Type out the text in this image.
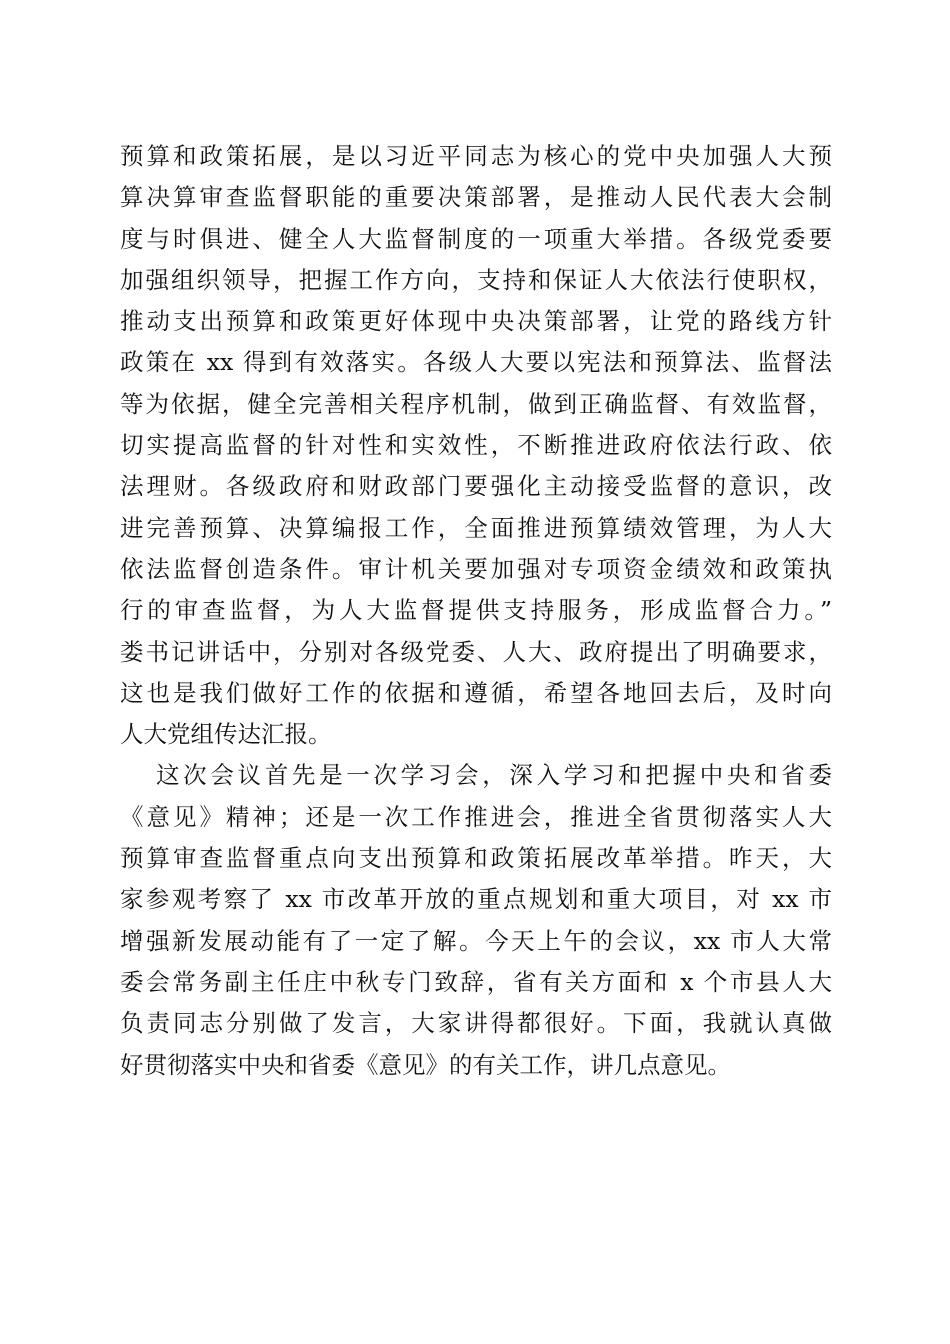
预算和政策拓展，是以习近平同志为核心的党中央加强人大预
算决算审查监督职能的重要决策部署，是推动人民代表大会制
度与时俱进、健全人大监督制度的一项重大举措。各级党委要
加强组织领导，把握工作方向，支持和保证人大依法行使职权，
推动支出预算和政策更好体现中央决策部署，让党的路线方针
政策在 xx 得到有效落实。各级人大要以宪法和预算法、监督法
等为依据，健全完善相关程序机制，做到正确监督、有效监督，
切实提高监督的针对性和实效性，不断推进政府依法行政、依
法理财。各级政府和财政部门要强化主动接受监督的意识，改
进完善预算、决算编报工作，全面推进预算绩效管理，为人大
依法监督创造条件。审计机关要加强对专项资金绩效和政策执
行的审查监督，为人大监督提供支持服务，形成监督合力。”
娄书记讲话中，分别对各级党委、人大、政府提出了明确要求，
这也是我们做好工作的依据和遵循，希望各地回去后，及时向
人大党组传达汇报。
这次会议首先是一次学习会，深入学习和把握中央和省委
《意见》精神；还是一次工作推进会，推进全省贯彻落实人大
预算审查监督重点向支出预算和政策拓展改革举措。昨天，大
家参观考察了 xx 市改革开放的重点规划和重大项目，对 xx 市
增强新发展动能有了一定了解。今天上午的会议，xx 市人大常
委会常务副主任庄中秋专门致辞，省有关方面和 x 个市县人大
负责同志分别做了发言，大家讲得都很好。下面，我就认真做
好贯彻落实中央和省委《意见》的有关工作，讲几点意见。
